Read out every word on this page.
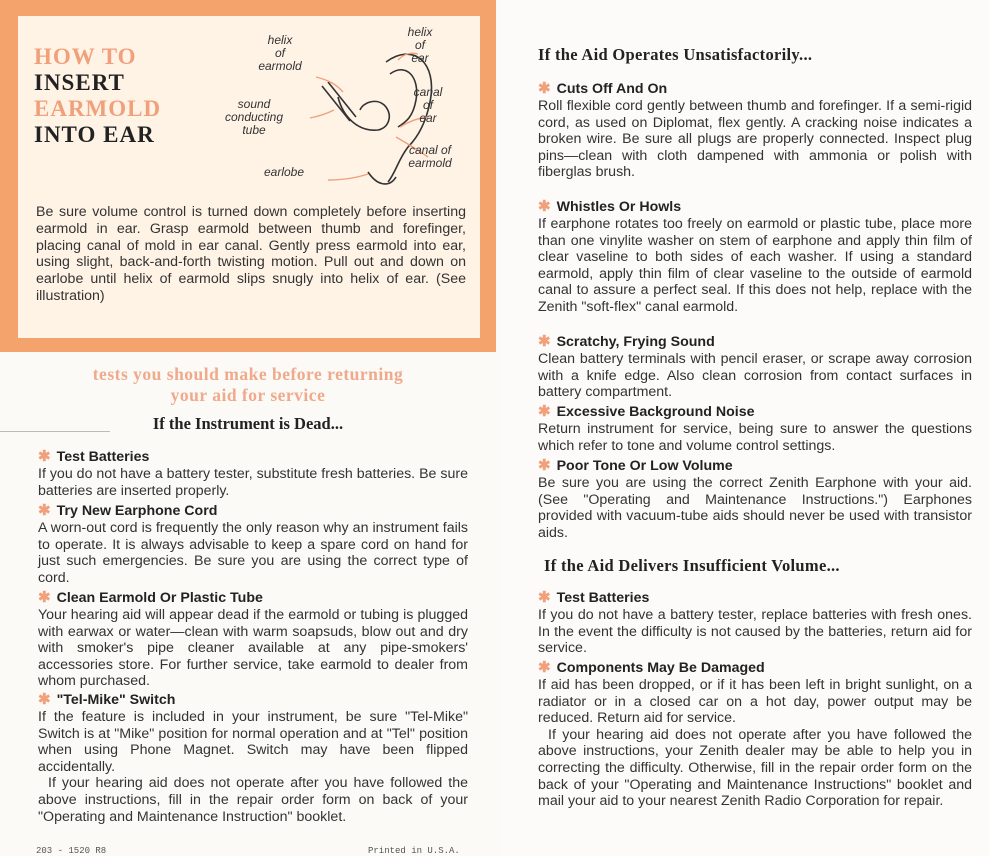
HOW TO

INSERT

EARMOLD

INTO EAR

helix
of
earmold
helix
of
ear
sound
conducting
tube
canal
of
ear
canal of
earmold
earlobe

Be sure volume control is turned down completely before inserting earmold in ear. Grasp earmold between thumb and forefinger, placing canal of mold in ear canal. Gently press earmold into ear, using slight, back-and-forth twisting motion. Pull out and down on earlobe until helix of earmold slips snugly into helix of ear. (See illustration)

tests you should make before returning
your aid for service

If the Instrument is Dead...

✱ Test Batteries

If you do not have a battery tester, substitute fresh batteries. Be sure batteries are inserted properly.

✱ Try New Earphone Cord

A worn-out cord is frequently the only reason why an instrument fails to operate. It is always advisable to keep a spare cord on hand for just such emergencies. Be sure you are using the correct type of cord.

✱ Clean Earmold Or Plastic Tube

Your hearing aid will appear dead if the earmold or tubing is plugged with earwax or water—clean with warm soapsuds, blow out and dry with smoker's pipe cleaner available at any pipe-smokers' accessories store. For further service, take earmold to dealer from whom purchased.

✱ "Tel-Mike" Switch

If the feature is included in your instrument, be sure "Tel-Mike" Switch is at "Mike" position for normal operation and at "Tel" position when using Phone Magnet. Switch may have been flipped accidentally.

If your hearing aid does not operate after you have followed the above instructions, fill in the repair order form on back of your "Operating and Maintenance Instruction" booklet.

203 - 1520 R8	Printed in U.S.A.

If the Aid Operates Unsatisfactorily...

✱ Cuts Off And On

Roll flexible cord gently between thumb and forefinger. If a semi-rigid cord, as used on Diplomat, flex gently. A cracking noise indicates a broken wire. Be sure all plugs are properly connected. Inspect plug pins—clean with cloth dampened with ammonia or polish with fiberglas brush.

✱ Whistles Or Howls

If earphone rotates too freely on earmold or plastic tube, place more than one vinylite washer on stem of earphone and apply thin film of clear vaseline to both sides of each washer. If using a standard earmold, apply thin film of clear vaseline to the outside of earmold canal to assure a perfect seal. If this does not help, replace with the Zenith "soft-flex" canal earmold.

✱ Scratchy, Frying Sound

Clean battery terminals with pencil eraser, or scrape away corrosion with a knife edge. Also clean corrosion from contact surfaces in battery compartment.

✱ Excessive Background Noise

Return instrument for service, being sure to answer the questions which refer to tone and volume control settings.

✱ Poor Tone Or Low Volume

Be sure you are using the correct Zenith Earphone with your aid. (See "Operating and Maintenance Instructions.") Earphones provided with vacuum-tube aids should never be used with transistor aids.

If the Aid Delivers Insufficient Volume...

✱ Test Batteries

If you do not have a battery tester, replace batteries with fresh ones. In the event the difficulty is not caused by the batteries, return aid for service.

✱ Components May Be Damaged

If aid has been dropped, or if it has been left in bright sunlight, on a radiator or in a closed car on a hot day, power output may be reduced. Return aid for service.

If your hearing aid does not operate after you have followed the above instructions, your Zenith dealer may be able to help you in correcting the difficulty. Otherwise, fill in the repair order form on the back of your "Operating and Maintenance Instructions" booklet and mail your aid to your nearest Zenith Radio Corporation for repair.
